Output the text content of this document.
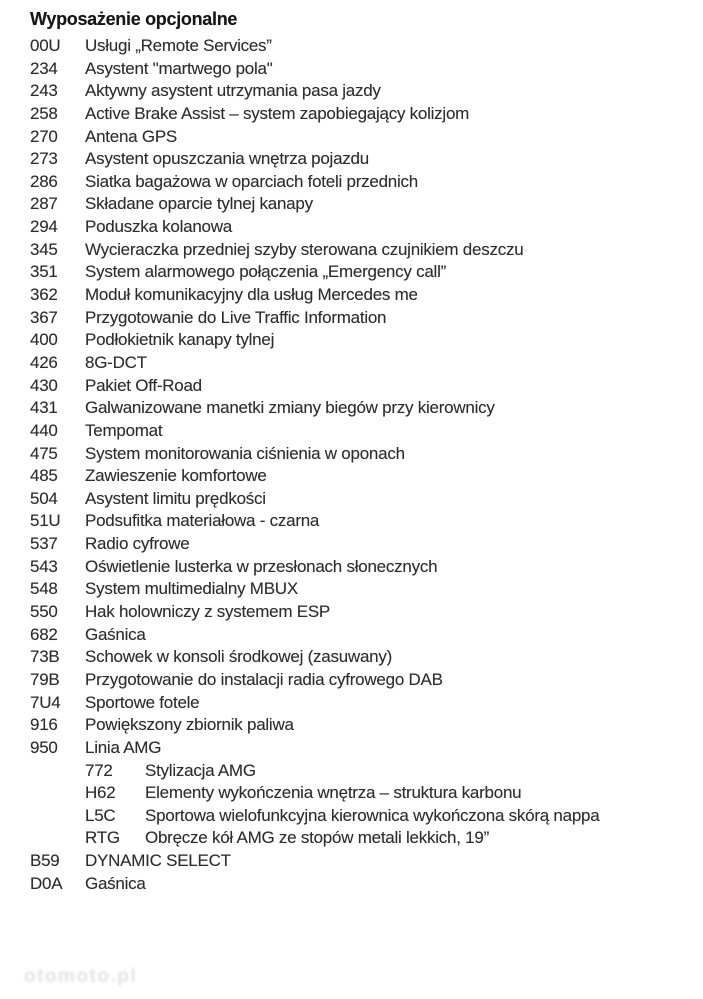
Wyposażenie opcjonalne
00U	Usługi „Remote Services”
234	Asystent "martwego pola"
243	Aktywny asystent utrzymania pasa jazdy
258	Active Brake Assist – system zapobiegający kolizjom
270	Antena GPS
273	Asystent opuszczania wnętrza pojazdu
286	Siatka bagażowa w oparciach foteli przednich
287	Składane oparcie tylnej kanapy
294	Poduszka kolanowa
345	Wycieraczka przedniej szyby sterowana czujnikiem deszczu
351	System alarmowego połączenia „Emergency call”
362	Moduł komunikacyjny dla usług Mercedes me
367	Przygotowanie do Live Traffic Information
400	Podłokietnik kanapy tylnej
426	8G-DCT
430	Pakiet Off-Road
431	Galwanizowane manetki zmiany biegów przy kierownicy
440	Tempomat
475	System monitorowania ciśnienia w oponach
485	Zawieszenie komfortowe
504	Asystent limitu prędkości
51U	Podsufitka materiałowa - czarna
537	Radio cyfrowe
543	Oświetlenie lusterka w przesłonach słonecznych
548	System multimedialny MBUX
550	Hak holowniczy z systemem ESP
682	Gaśnica
73B	Schowek w konsoli środkowej (zasuwany)
79B	Przygotowanie do instalacji radia cyfrowego DAB
7U4	Sportowe fotele
916	Powiększony zbiornik paliwa
950	Linia AMG
772	Stylizacja AMG
H62	Elementy wykończenia wnętrza – struktura karbonu
L5C	Sportowa wielofunkcyjna kierownica wykończona skórą nappa
RTG	Obręcze kół AMG ze stopów metali lekkich, 19”
B59	DYNAMIC SELECT
D0A	Gaśnica
otomoto.pl
